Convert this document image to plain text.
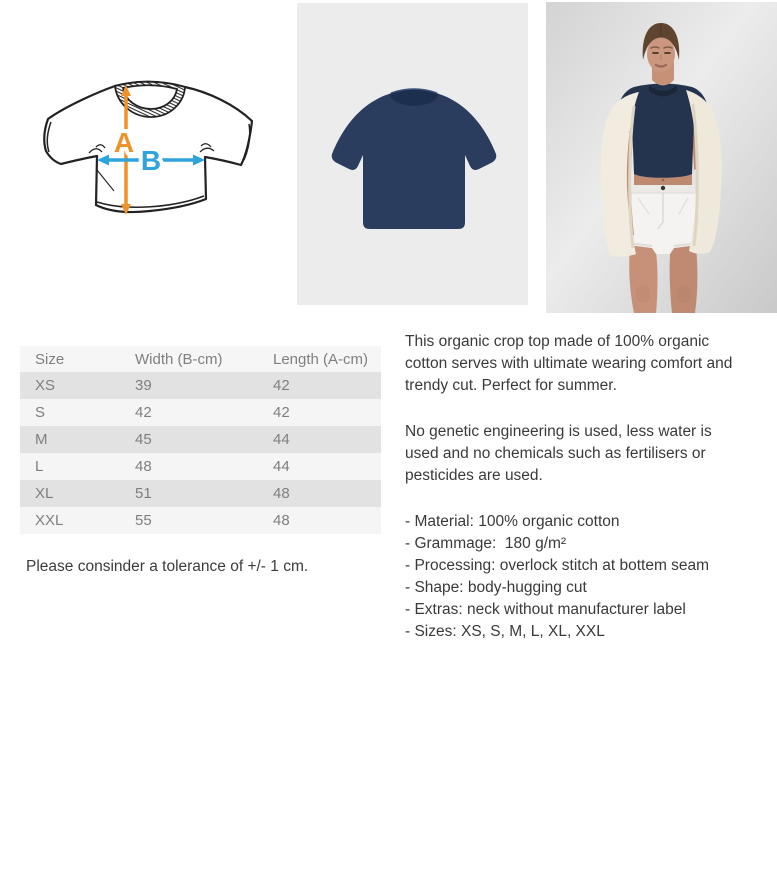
A
B
Size	Width (B-cm)	Length (A-cm)
XS	39	42
S	42	42
M	45	44
L	48	44
XL	51	48
XXL	55	48
Please consinder a tolerance of +/- 1 cm.

This organic crop top made of 100% organic cotton serves with ultimate wearing comfort and trendy cut. Perfect for summer.

No genetic engineering is used, less water is used and no chemicals such as fertilisers or pesticides are used.

- Material: 100% organic cotton
- Grammage:  180 g/m²
- Processing: overlock stitch at bottem seam
- Shape: body-hugging cut
- Extras: neck without manufacturer label
- Sizes: XS, S, M, L, XL, XXL
